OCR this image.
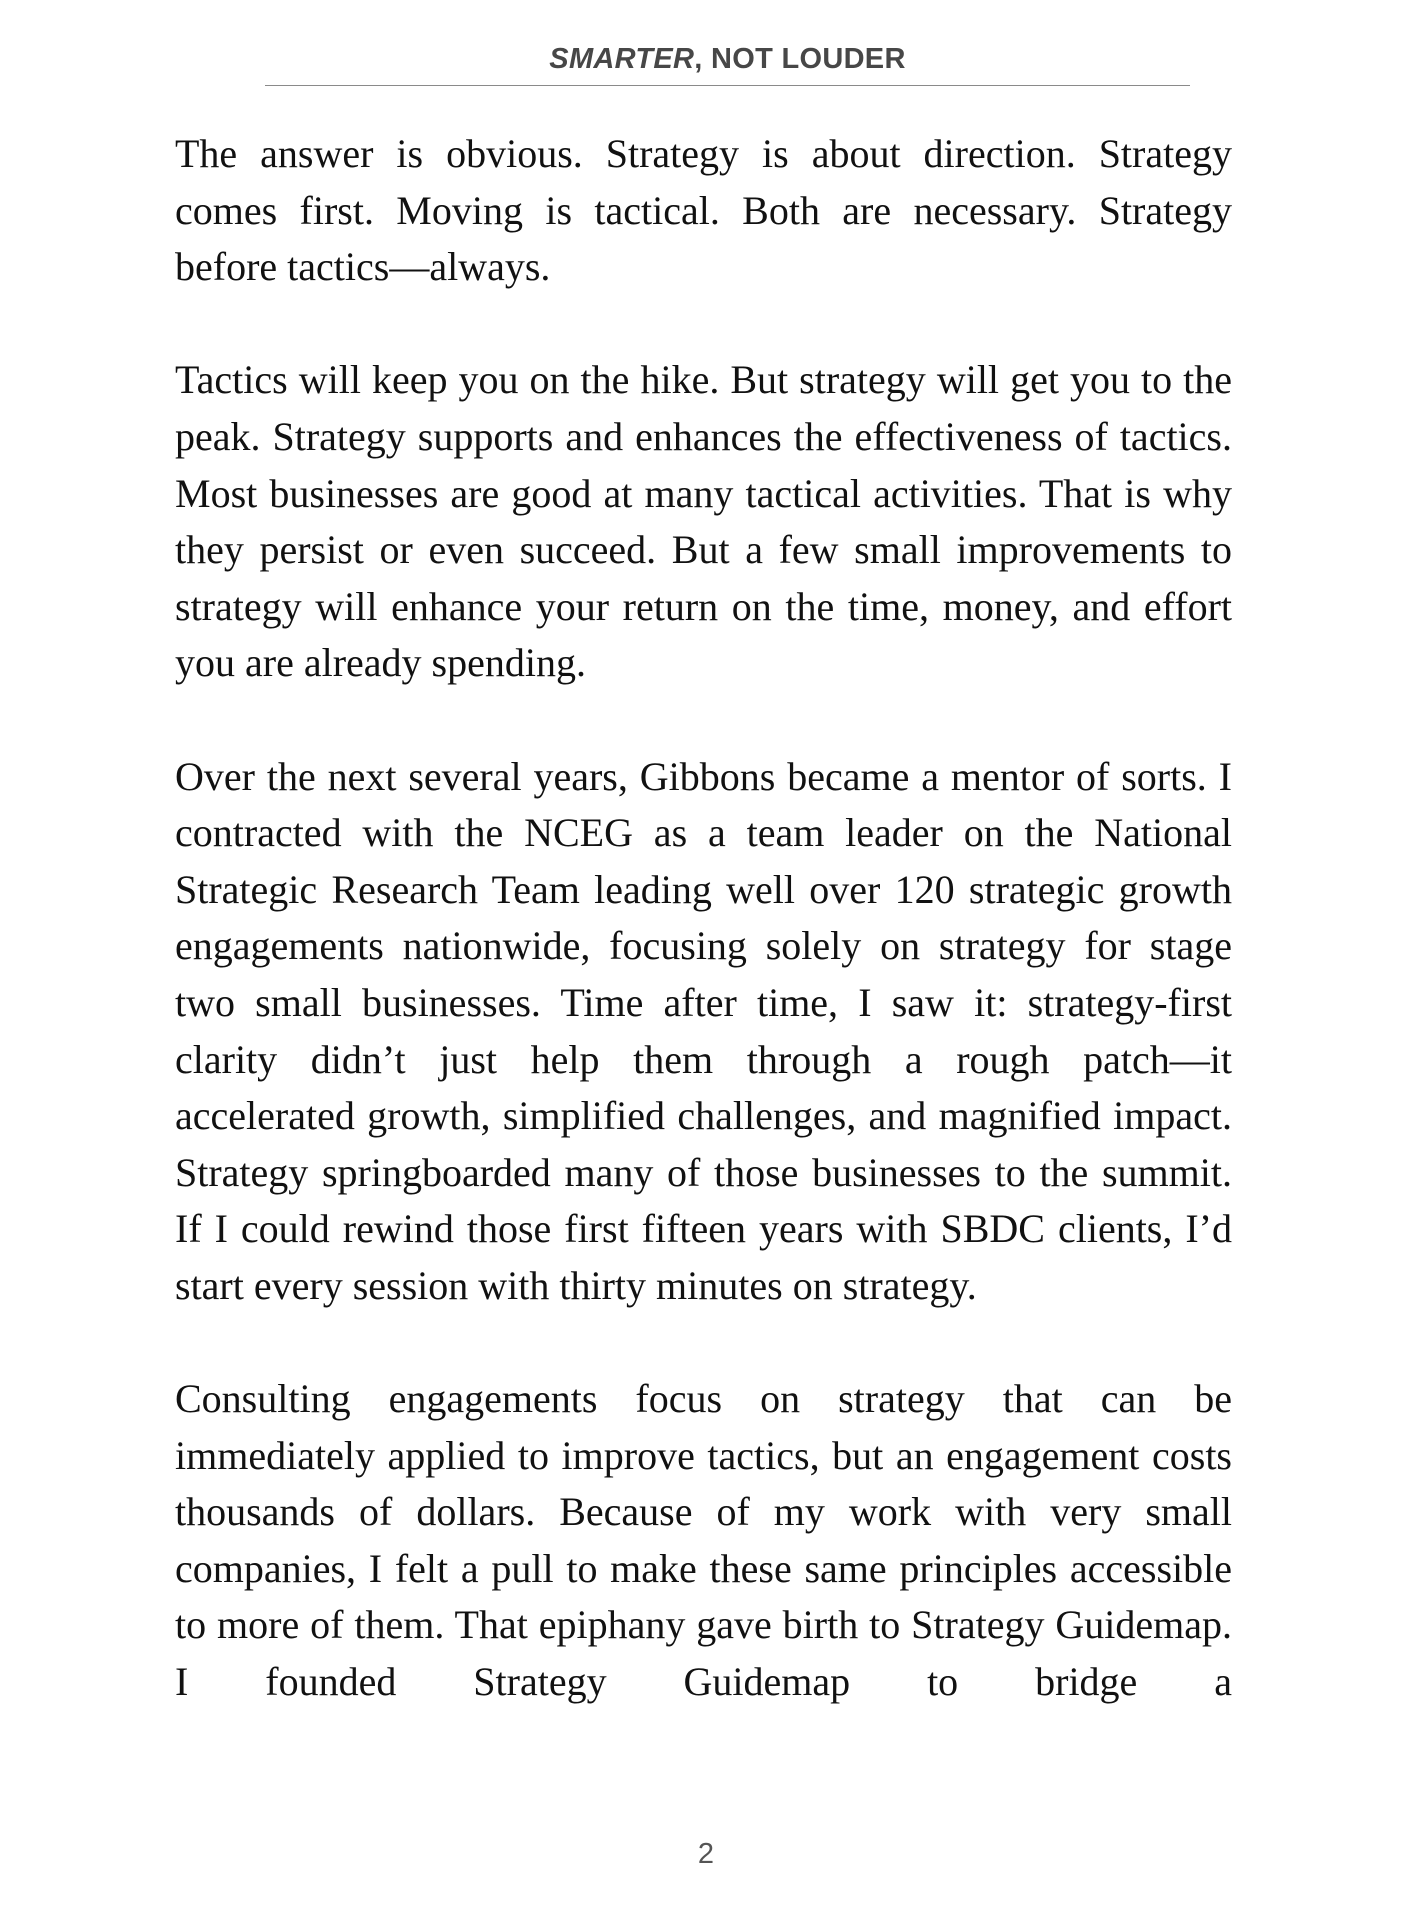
SMARTER, NOT LOUDER

The answer is obvious. Strategy is about direction. Strategy comes first. Moving is tactical. Both are necessary. Strategy before tactics—always.

Tactics will keep you on the hike. But strategy will get you to the peak. Strategy supports and enhances the effectiveness of tactics. Most businesses are good at many tactical activities. That is why they persist or even succeed. But a few small improvements to strategy will enhance your return on the time, money, and effort you are already spending.

Over the next several years, Gibbons became a mentor of sorts. I contracted with the NCEG as a team leader on the National Strategic Research Team leading well over 120 strategic growth engagements nationwide, focusing solely on strategy for stage two small businesses. Time after time, I saw it: strategy-first clarity didn’t just help them through a rough patch—it accelerated growth, simplified challenges, and magnified impact. Strategy springboarded many of those businesses to the summit. If I could rewind those first fifteen years with SBDC clients, I’d start every session with thirty minutes on strategy.

Consulting engagements focus on strategy that can be immediately applied to improve tactics, but an engagement costs thousands of dollars. Because of my work with very small companies, I felt a pull to make these same principles accessible to more of them. That epiphany gave birth to Strategy Guidemap. I founded Strategy Guidemap to bridge a

2
